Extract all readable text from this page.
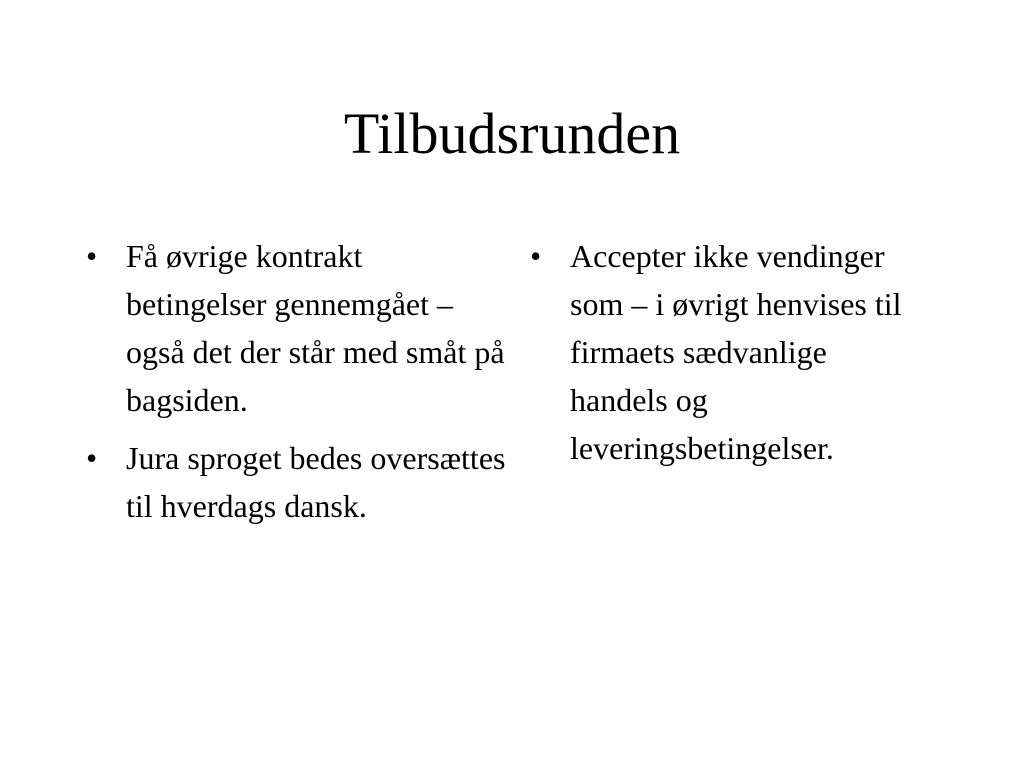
Tilbudsrunden
• Få øvrige kontrakt betingelser gennemgået – også det der står med småt på bagsiden.
• Jura sproget bedes oversættes til hverdags dansk.
• Accepter ikke vendinger som – i øvrigt henvises til firmaets sædvanlige handels og leveringsbetingelser.
